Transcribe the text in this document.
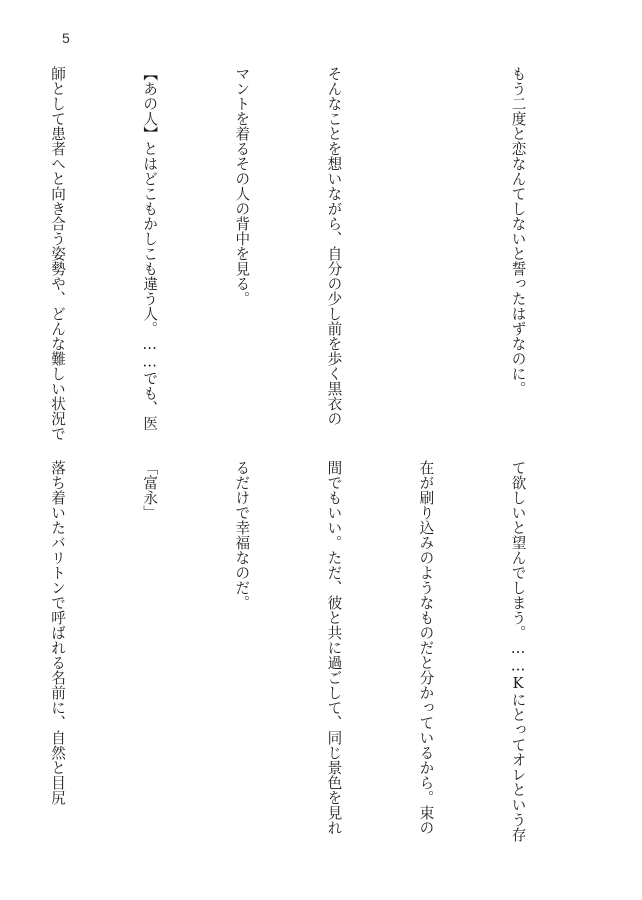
5

もう二度と恋なんてしないと誓ったはずなのに。

そんなことを想いながら、自分の少し前を歩く黒衣の

マントを着るその人の背中を見る。

【あの人】とはどこもかしこも違う人。……でも、医

師として患者へと向き合う姿勢や、どんな難しい状況で

て欲しいと望んでしまう。……Kにとってオレという存

在が刷り込みのようなものだと分かっているから。束の

間でもいい。ただ、彼と共に過ごして、同じ景色を見れ

るだけで幸福なのだ。

「富永」

落ち着いたバリトンで呼ばれる名前に、自然と目尻
